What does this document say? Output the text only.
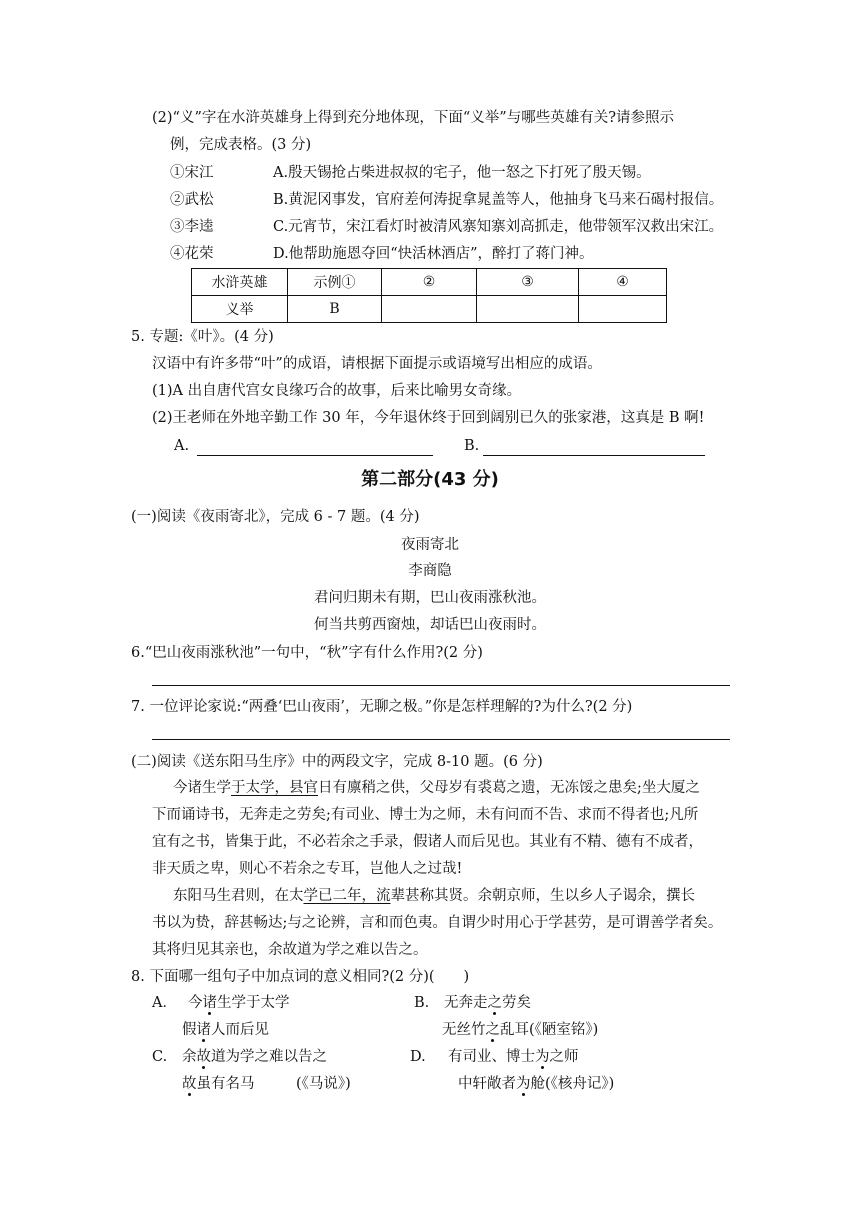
(2)“义”字在水浒英雄身上得到充分地体现，下面“义举”与哪些英雄有关?请参照示
例，完成表格。(3 分)
①宋江	A.殷天锡抢占柴进叔叔的宅子，他一怒之下打死了殷天锡。
②武松	B.黄泥冈事发，官府差何涛捉拿晁盖等人，他抽身飞马来石碣村报信。
③李逵	C.元宵节，宋江看灯时被清风寨知寨刘高抓走，他带领军汉救出宋江。
④花荣	D.他帮助施恩夺回“快活林酒店”，醉打了蒋门神。
水浒英雄	示例①	②	③	④
义举	B			
5. 专题:《叶》。(4 分)
汉语中有许多带“叶”的成语，请根据下面提示或语境写出相应的成语。
(1)A 出自唐代宫女良缘巧合的故事，后来比喻男女奇缘。
(2)王老师在外地辛勤工作 30 年，今年退休终于回到阔别已久的张家港，这真是 B 啊!
A.	B.
第二部分(43 分)
(一)阅读《夜雨寄北》，完成 6 - 7 题。(4 分)
夜雨寄北
李商隐
君问归期未有期，巴山夜雨涨秋池。
何当共剪西窗烛，却话巴山夜雨时。
6.“巴山夜雨涨秋池”一句中，“秋”字有什么作用?(2 分)
7. 一位评论家说:“两叠‘巴山夜雨’，无聊之极。”你是怎样理解的?为什么?(2 分)
(二)阅读《送东阳马生序》中的两段文字，完成 8-10 题。(6 分)
今诸生学于太学，县官日有廪稍之供，父母岁有裘葛之遗，无冻馁之患矣;坐大厦之
下而诵诗书，无奔走之劳矣;有司业、博士为之师，未有问而不告、求而不得者也;凡所
宜有之书，皆集于此，不必若余之手录，假诸人而后见也。其业有不精、德有不成者，
非天质之卑，则心不若余之专耳，岂他人之过哉!
东阳马生君则，在太学已二年，流辈甚称其贤。余朝京师，生以乡人子谒余，撰长
书以为贽，辞甚畅达;与之论辨，言和而色夷。自谓少时用心于学甚劳，是可谓善学者矣。
其将归见其亲也，余故道为学之难以告之。
8. 下面哪一组句子中加点词的意义相同?(2 分)(　　)
A． 今诸生学于太学
假诸人而后见
B． 无奔走之劳矣
无丝竹之乱耳(《陋室铭》)
C. 余故道为学之难以告之
故虽有名马	(《马说》)
D. 有司业、博士为之师
中轩敞者为舱(《核舟记》)
